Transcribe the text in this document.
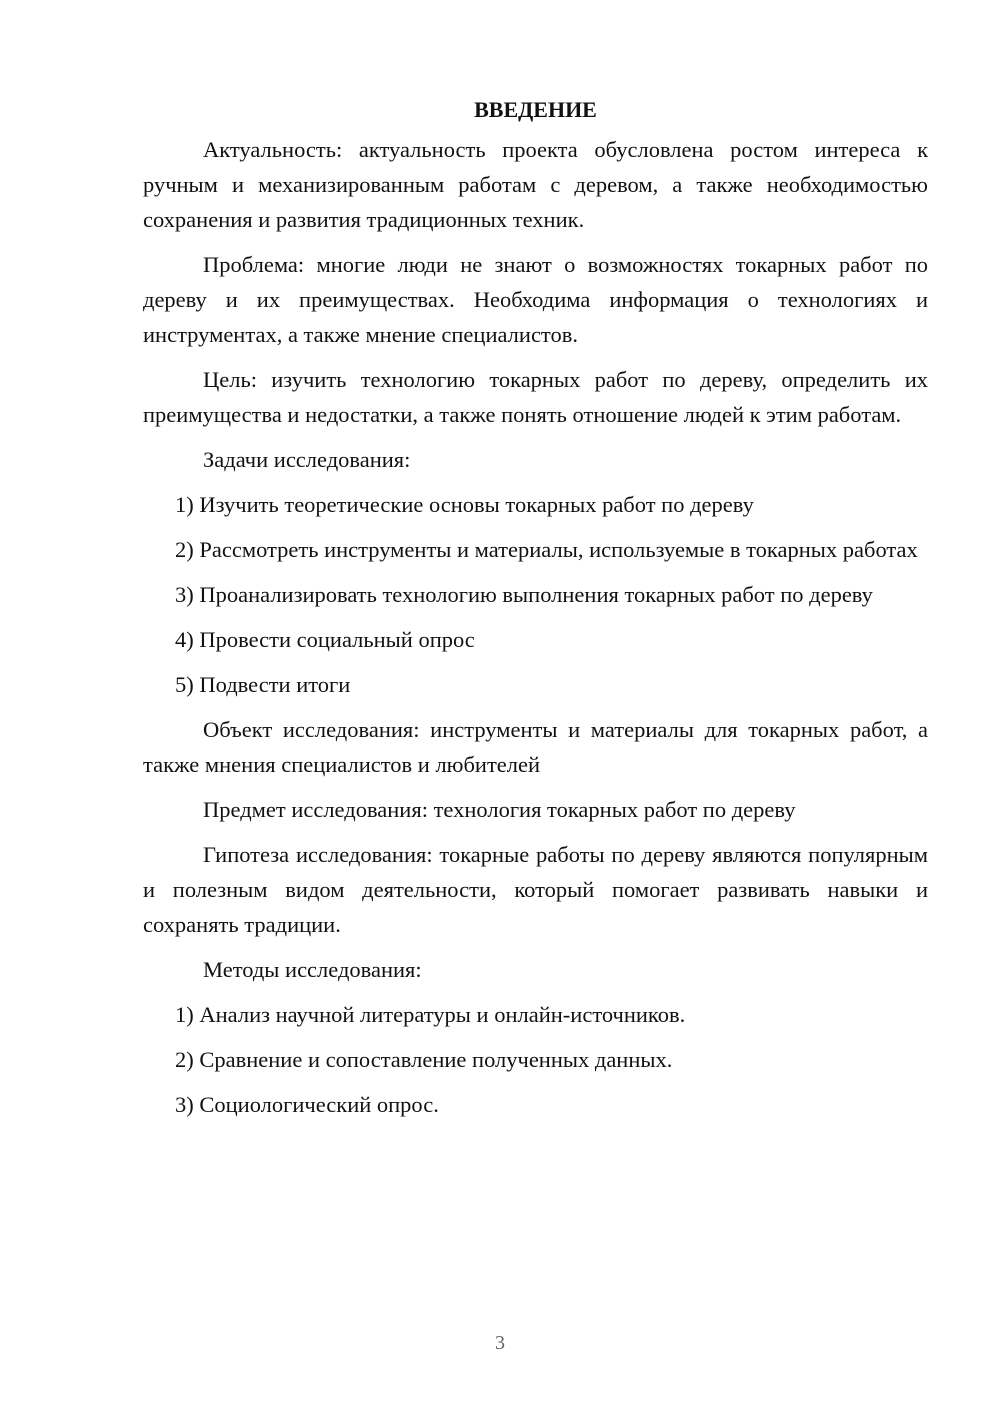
ВВЕДЕНИЕ

Актуальность: актуальность проекта обусловлена ростом интереса к ручным и механизированным работам с деревом, а также необходимостью сохранения и развития традиционных техник.

Проблема: многие люди не знают о возможностях токарных работ по дереву и их преимуществах. Необходима информация о технологиях и инструментах, а также мнение специалистов.

Цель: изучить технологию токарных работ по дереву, определить их преимущества и недостатки, а также понять отношение людей к этим работам.

Задачи исследования:

1) Изучить теоретические основы токарных работ по дереву

2) Рассмотреть инструменты и материалы, используемые в токарных работах

3) Проанализировать технологию выполнения токарных работ по дереву

4) Провести социальный опрос

5) Подвести итоги

Объект исследования: инструменты и материалы для токарных работ, а также мнения специалистов и любителей

Предмет исследования: технология токарных работ по дереву

Гипотеза исследования: токарные работы по дереву являются популярным и полезным видом деятельности, который помогает развивать навыки и сохранять традиции.

Методы исследования:

1) Анализ научной литературы и онлайн-источников.

2) Сравнение и сопоставление полученных данных.

3) Социологический опрос.

3
